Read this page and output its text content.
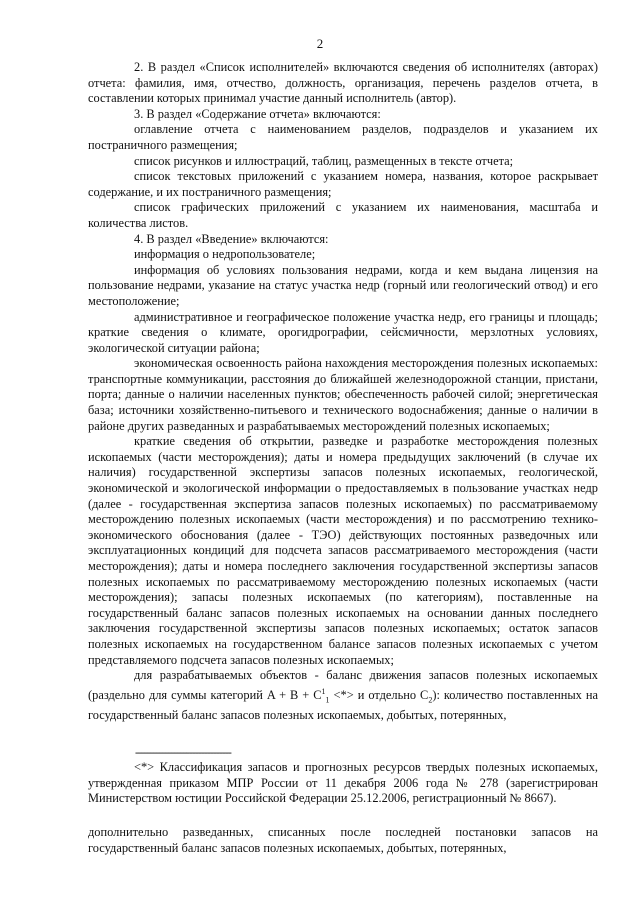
2

2. В раздел «Список исполнителей» включаются сведения об исполнителях (авторах) отчета: фамилия, имя, отчество, должность, организация, перечень разделов отчета, в составлении которых принимал участие данный исполнитель (автор).

3. В раздел «Содержание отчета» включаются:

оглавление отчета с наименованием разделов, подразделов и указанием их постраничного размещения;

список рисунков и иллюстраций, таблиц, размещенных в тексте отчета;

список текстовых приложений с указанием номера, названия, которое раскрывает содержание, и их постраничного размещения;

список графических приложений с указанием их наименования, масштаба и количества листов.

4. В раздел «Введение» включаются:

информация о недропользователе;

информация об условиях пользования недрами, когда и кем выдана лицензия на пользование недрами, указание на статус участка недр (горный или геологический отвод) и его местоположение;

административное и географическое положение участка недр, его границы и площадь; краткие сведения о климате, орогидрографии, сейсмичности, мерзлотных условиях, экологической ситуации района;

экономическая освоенность района нахождения месторождения полезных ископаемых: транспортные коммуникации, расстояния до ближайшей железнодорожной станции, пристани, порта; данные о наличии населенных пунктов; обеспеченность рабочей силой; энергетическая база; источники хозяйственно-питьевого и технического водоснабжения; данные о наличии в районе других разведанных и разрабатываемых месторождений полезных ископаемых;

краткие сведения об открытии, разведке и разработке месторождения полезных ископаемых (части месторождения); даты и номера предыдущих заключений (в случае их наличия) государственной экспертизы запасов полезных ископаемых, геологической, экономической и экологической информации о предоставляемых в пользование участках недр (далее - государственная экспертиза запасов полезных ископаемых) по рассматриваемому месторождению полезных ископаемых (части месторождения) и по рассмотрению технико-экономического обоснования (далее - ТЭО) действующих постоянных разведочных или эксплуатационных кондиций для подсчета запасов рассматриваемого месторождения (части месторождения); даты и номера последнего заключения государственной экспертизы запасов полезных ископаемых по рассматриваемому месторождению полезных ископаемых (части месторождения); запасы полезных ископаемых (по категориям), поставленные на государственный баланс запасов полезных ископаемых на основании данных последнего заключения государственной экспертизы запасов полезных ископаемых; остаток запасов полезных ископаемых на государственном балансе запасов полезных ископаемых с учетом представляемого подсчета запасов полезных ископаемых;

для разрабатываемых объектов - баланс движения запасов полезных ископаемых (раздельно для суммы категорий $A + B + C^1_1$ <*> и отдельно $C_2$): количество поставленных на государственный баланс запасов полезных ископаемых, добытых, потерянных,

--------------------------------

<*> Классификация запасов и прогнозных ресурсов твердых полезных ископаемых, утвержденная приказом МПР России от 11 декабря 2006 года № 278 (зарегистрирован Министерством юстиции Российской Федерации 25.12.2006, регистрационный № 8667).

дополнительно разведанных, списанных после последней постановки запасов на государственный баланс запасов полезных ископаемых, добытых, потерянных,
